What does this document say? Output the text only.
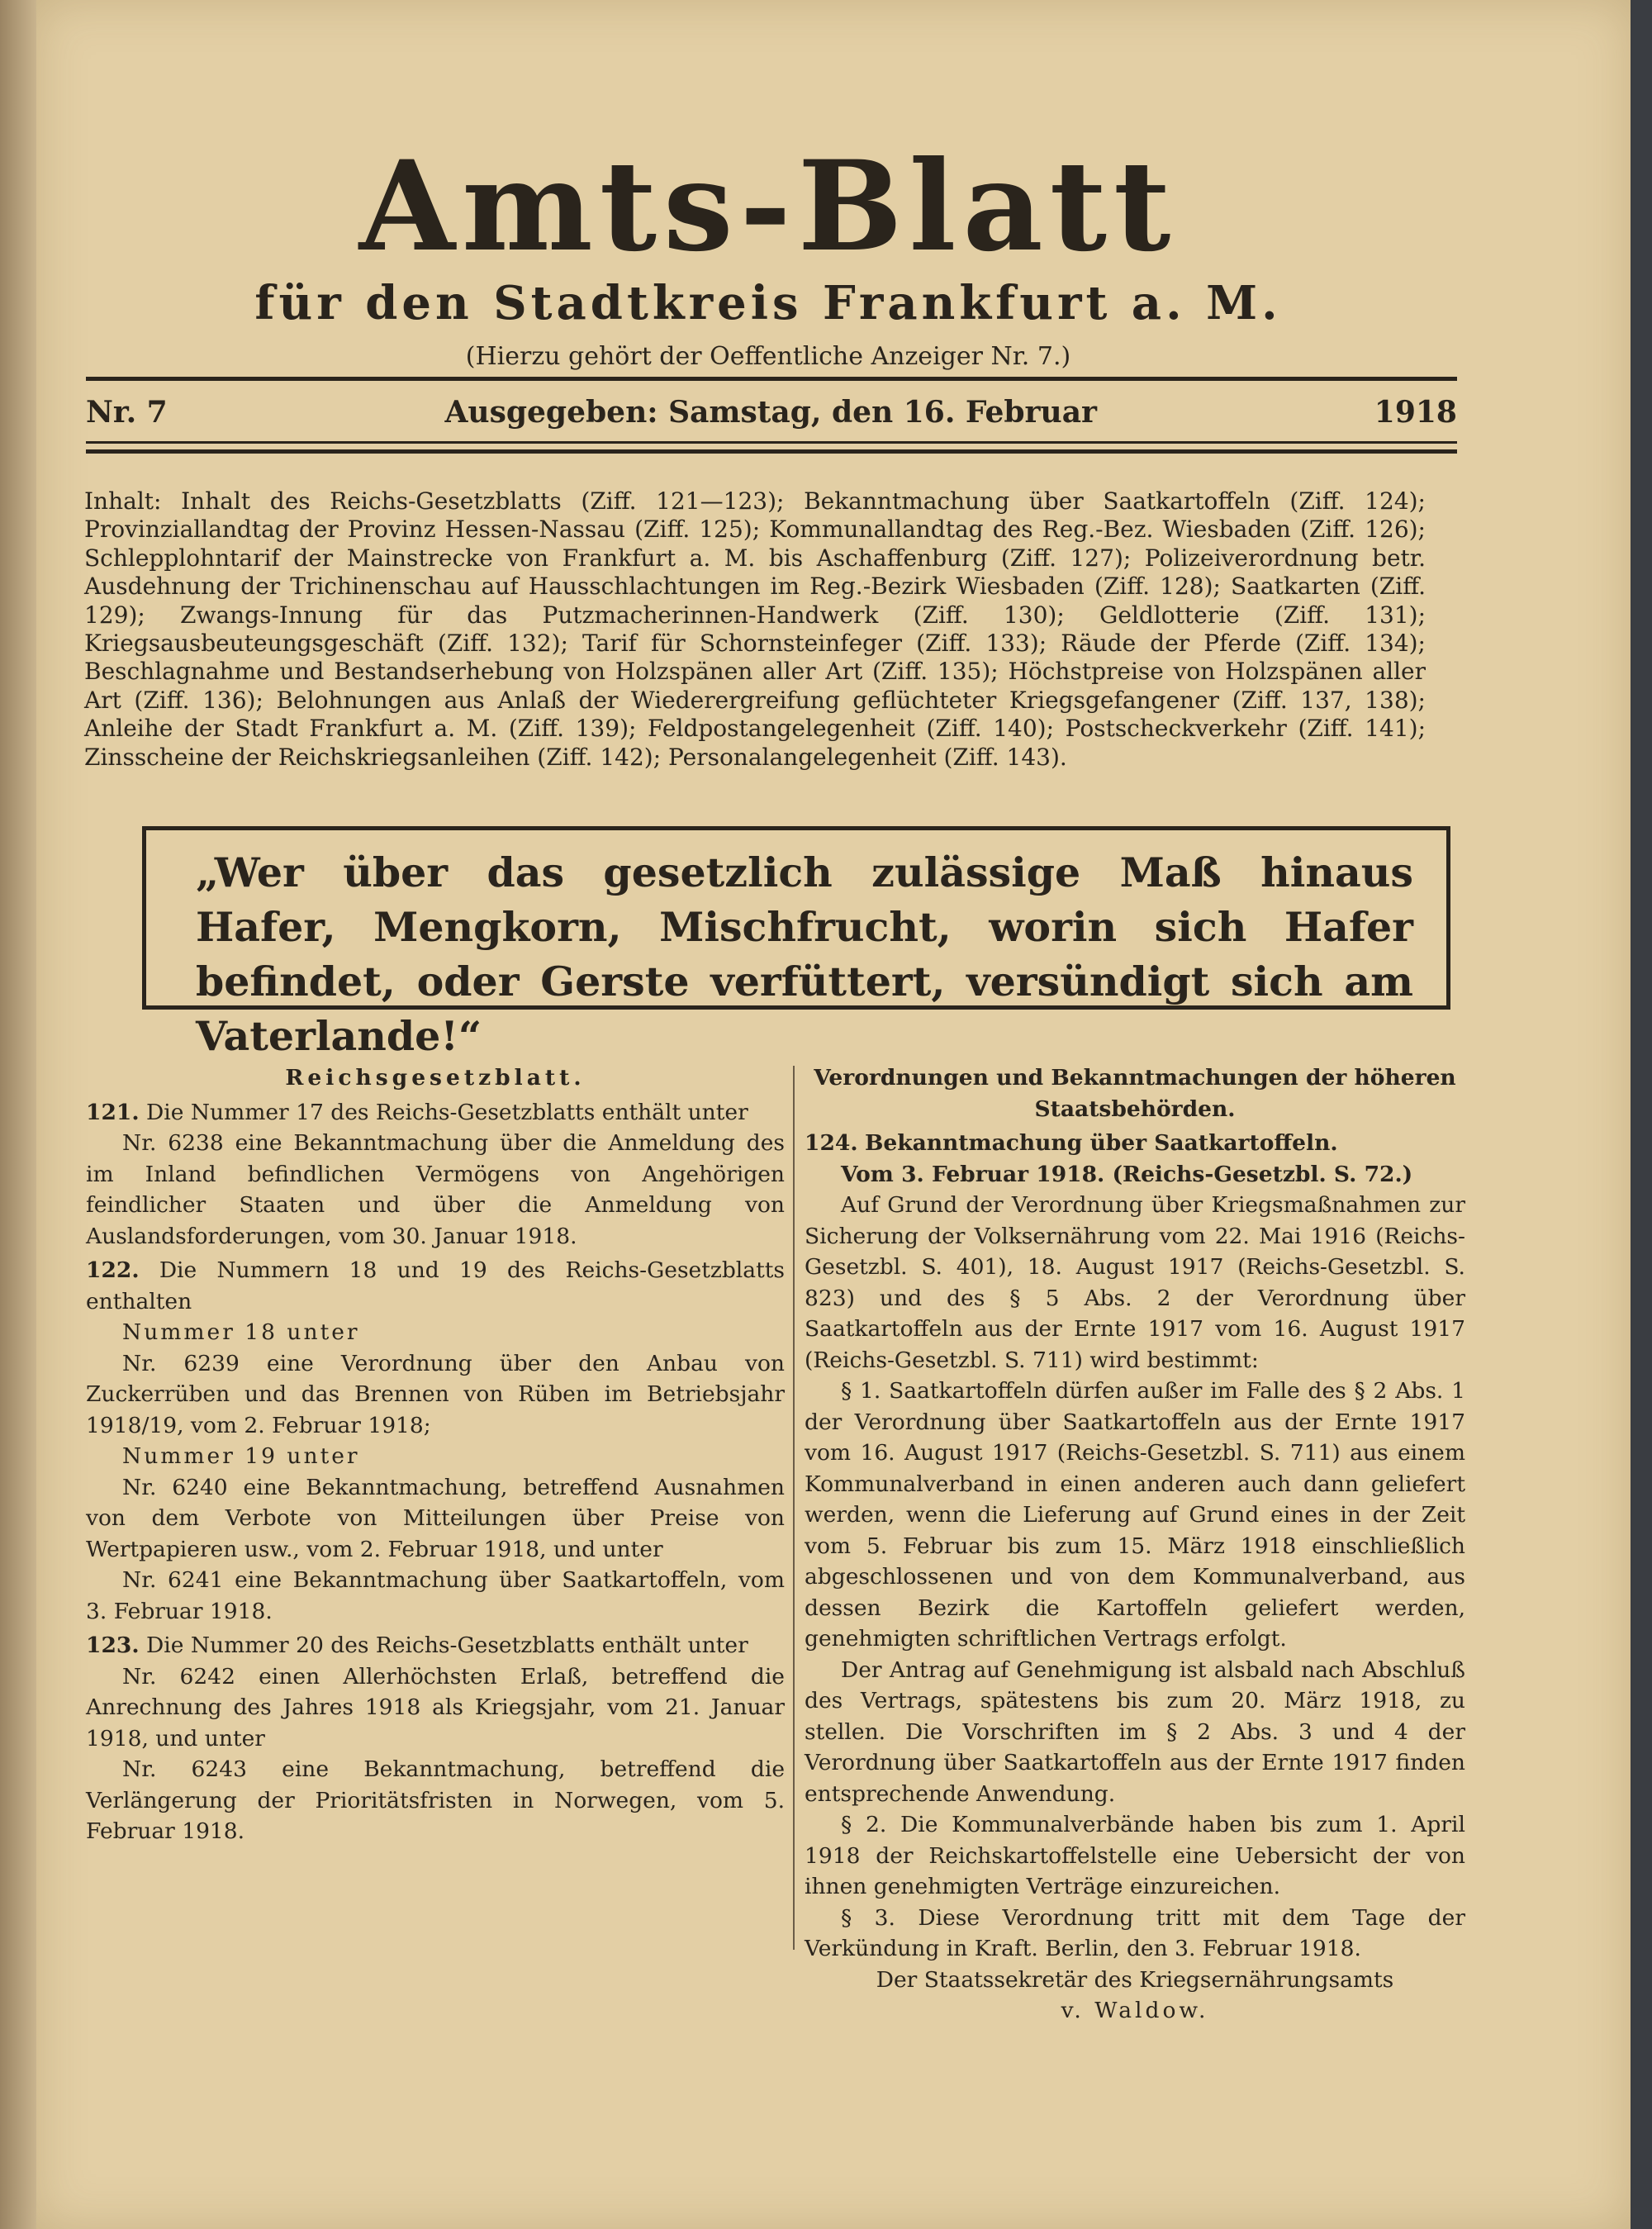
Amts-Blatt
für den Stadtkreis Frankfurt a. M.
(Hierzu gehört der Oeffentliche Anzeiger Nr. 7.)
Nr. 7	Ausgegeben: Samstag, den 16. Februar	1918
Inhalt: Inhalt des Reichs-Gesetzblatts (Ziff. 121—123); Bekanntmachung über Saatkartoffeln (Ziff. 124); Provinziallandtag der Provinz Hessen-Nassau (Ziff. 125); Kommunallandtag des Reg.-Bez. Wiesbaden (Ziff. 126); Schlepplohntarif der Mainstrecke von Frankfurt a. M. bis Aschaffenburg (Ziff. 127); Polizeiverordnung betr. Ausdehnung der Trichinenschau auf Hausschlachtungen im Reg.-Bezirk Wiesbaden (Ziff. 128); Saatkarten (Ziff. 129); Zwangs-Innung für das Putzmacherinnen-Handwerk (Ziff. 130); Geldlotterie (Ziff. 131); Kriegsausbeuteungsgeschäft (Ziff. 132); Tarif für Schornsteinfeger (Ziff. 133); Räude der Pferde (Ziff. 134); Beschlagnahme und Bestandserhebung von Holzspänen aller Art (Ziff. 135); Höchstpreise von Holzspänen aller Art (Ziff. 136); Belohnungen aus Anlaß der Wiederergreifung geflüchteter Kriegsgefangener (Ziff. 137, 138); Anleihe der Stadt Frankfurt a. M. (Ziff. 139); Feldpostangelegenheit (Ziff. 140); Postscheckverkehr (Ziff. 141); Zinsscheine der Reichskriegsanleihen (Ziff. 142); Personalangelegenheit (Ziff. 143).
„Wer über das gesetzlich zulässige Maß hinaus Hafer, Mengkorn, Mischfrucht, worin sich Hafer befindet, oder Gerste verfüttert, versündigt sich am Vaterlande!“

Reichsgesetzblatt.

121. Die Nummer 17 des Reichs-Gesetzblatts enthält unter

Nr. 6238 eine Bekanntmachung über die Anmeldung des im Inland befindlichen Vermögens von Angehörigen feindlicher Staaten und über die Anmeldung von Auslandsforderungen, vom 30. Januar 1918.

122. Die Nummern 18 und 19 des Reichs-Gesetzblatts enthalten

Nummer 18 unter

Nr. 6239 eine Verordnung über den Anbau von Zuckerrüben und das Brennen von Rüben im Betriebsjahr 1918/19, vom 2. Februar 1918;

Nummer 19 unter

Nr. 6240 eine Bekanntmachung, betreffend Ausnahmen von dem Verbote von Mitteilungen über Preise von Wertpapieren usw., vom 2. Februar 1918, und unter

Nr. 6241 eine Bekanntmachung über Saatkartoffeln, vom 3. Februar 1918.

123. Die Nummer 20 des Reichs-Gesetzblatts enthält unter

Nr. 6242 einen Allerhöchsten Erlaß, betreffend die Anrechnung des Jahres 1918 als Kriegsjahr, vom 21. Januar 1918, und unter

Nr. 6243 eine Bekanntmachung, betreffend die Verlängerung der Prioritätsfristen in Norwegen, vom 5. Februar 1918.

Verordnungen und Bekanntmachungen der höheren Staatsbehörden.

124. Bekanntmachung über Saatkartoffeln.

Vom 3. Februar 1918. (Reichs-Gesetzbl. S. 72.)

Auf Grund der Verordnung über Kriegsmaßnahmen zur Sicherung der Volksernährung vom 22. Mai 1916 (Reichs-Gesetzbl. S. 401), 18. August 1917 (Reichs-Gesetzbl. S. 823) und des § 5 Abs. 2 der Verordnung über Saatkartoffeln aus der Ernte 1917 vom 16. August 1917 (Reichs-Gesetzbl. S. 711) wird bestimmt:

§ 1. Saatkartoffeln dürfen außer im Falle des § 2 Abs. 1 der Verordnung über Saatkartoffeln aus der Ernte 1917 vom 16. August 1917 (Reichs-Gesetzbl. S. 711) aus einem Kommunalverband in einen anderen auch dann geliefert werden, wenn die Lieferung auf Grund eines in der Zeit vom 5. Februar bis zum 15. März 1918 einschließlich abgeschlossenen und von dem Kommunalverband, aus dessen Bezirk die Kartoffeln geliefert werden, genehmigten schriftlichen Vertrags erfolgt.

Der Antrag auf Genehmigung ist alsbald nach Abschluß des Vertrags, spätestens bis zum 20. März 1918, zu stellen. Die Vorschriften im § 2 Abs. 3 und 4 der Verordnung über Saatkartoffeln aus der Ernte 1917 finden entsprechende Anwendung.

§ 2. Die Kommunalverbände haben bis zum 1. April 1918 der Reichskartoffelstelle eine Uebersicht der von ihnen genehmigten Verträge einzureichen.

§ 3. Diese Verordnung tritt mit dem Tage der Verkündung in Kraft. Berlin, den 3. Februar 1918.

Der Staatssekretär des Kriegsernährungsamts

v. Waldow.
